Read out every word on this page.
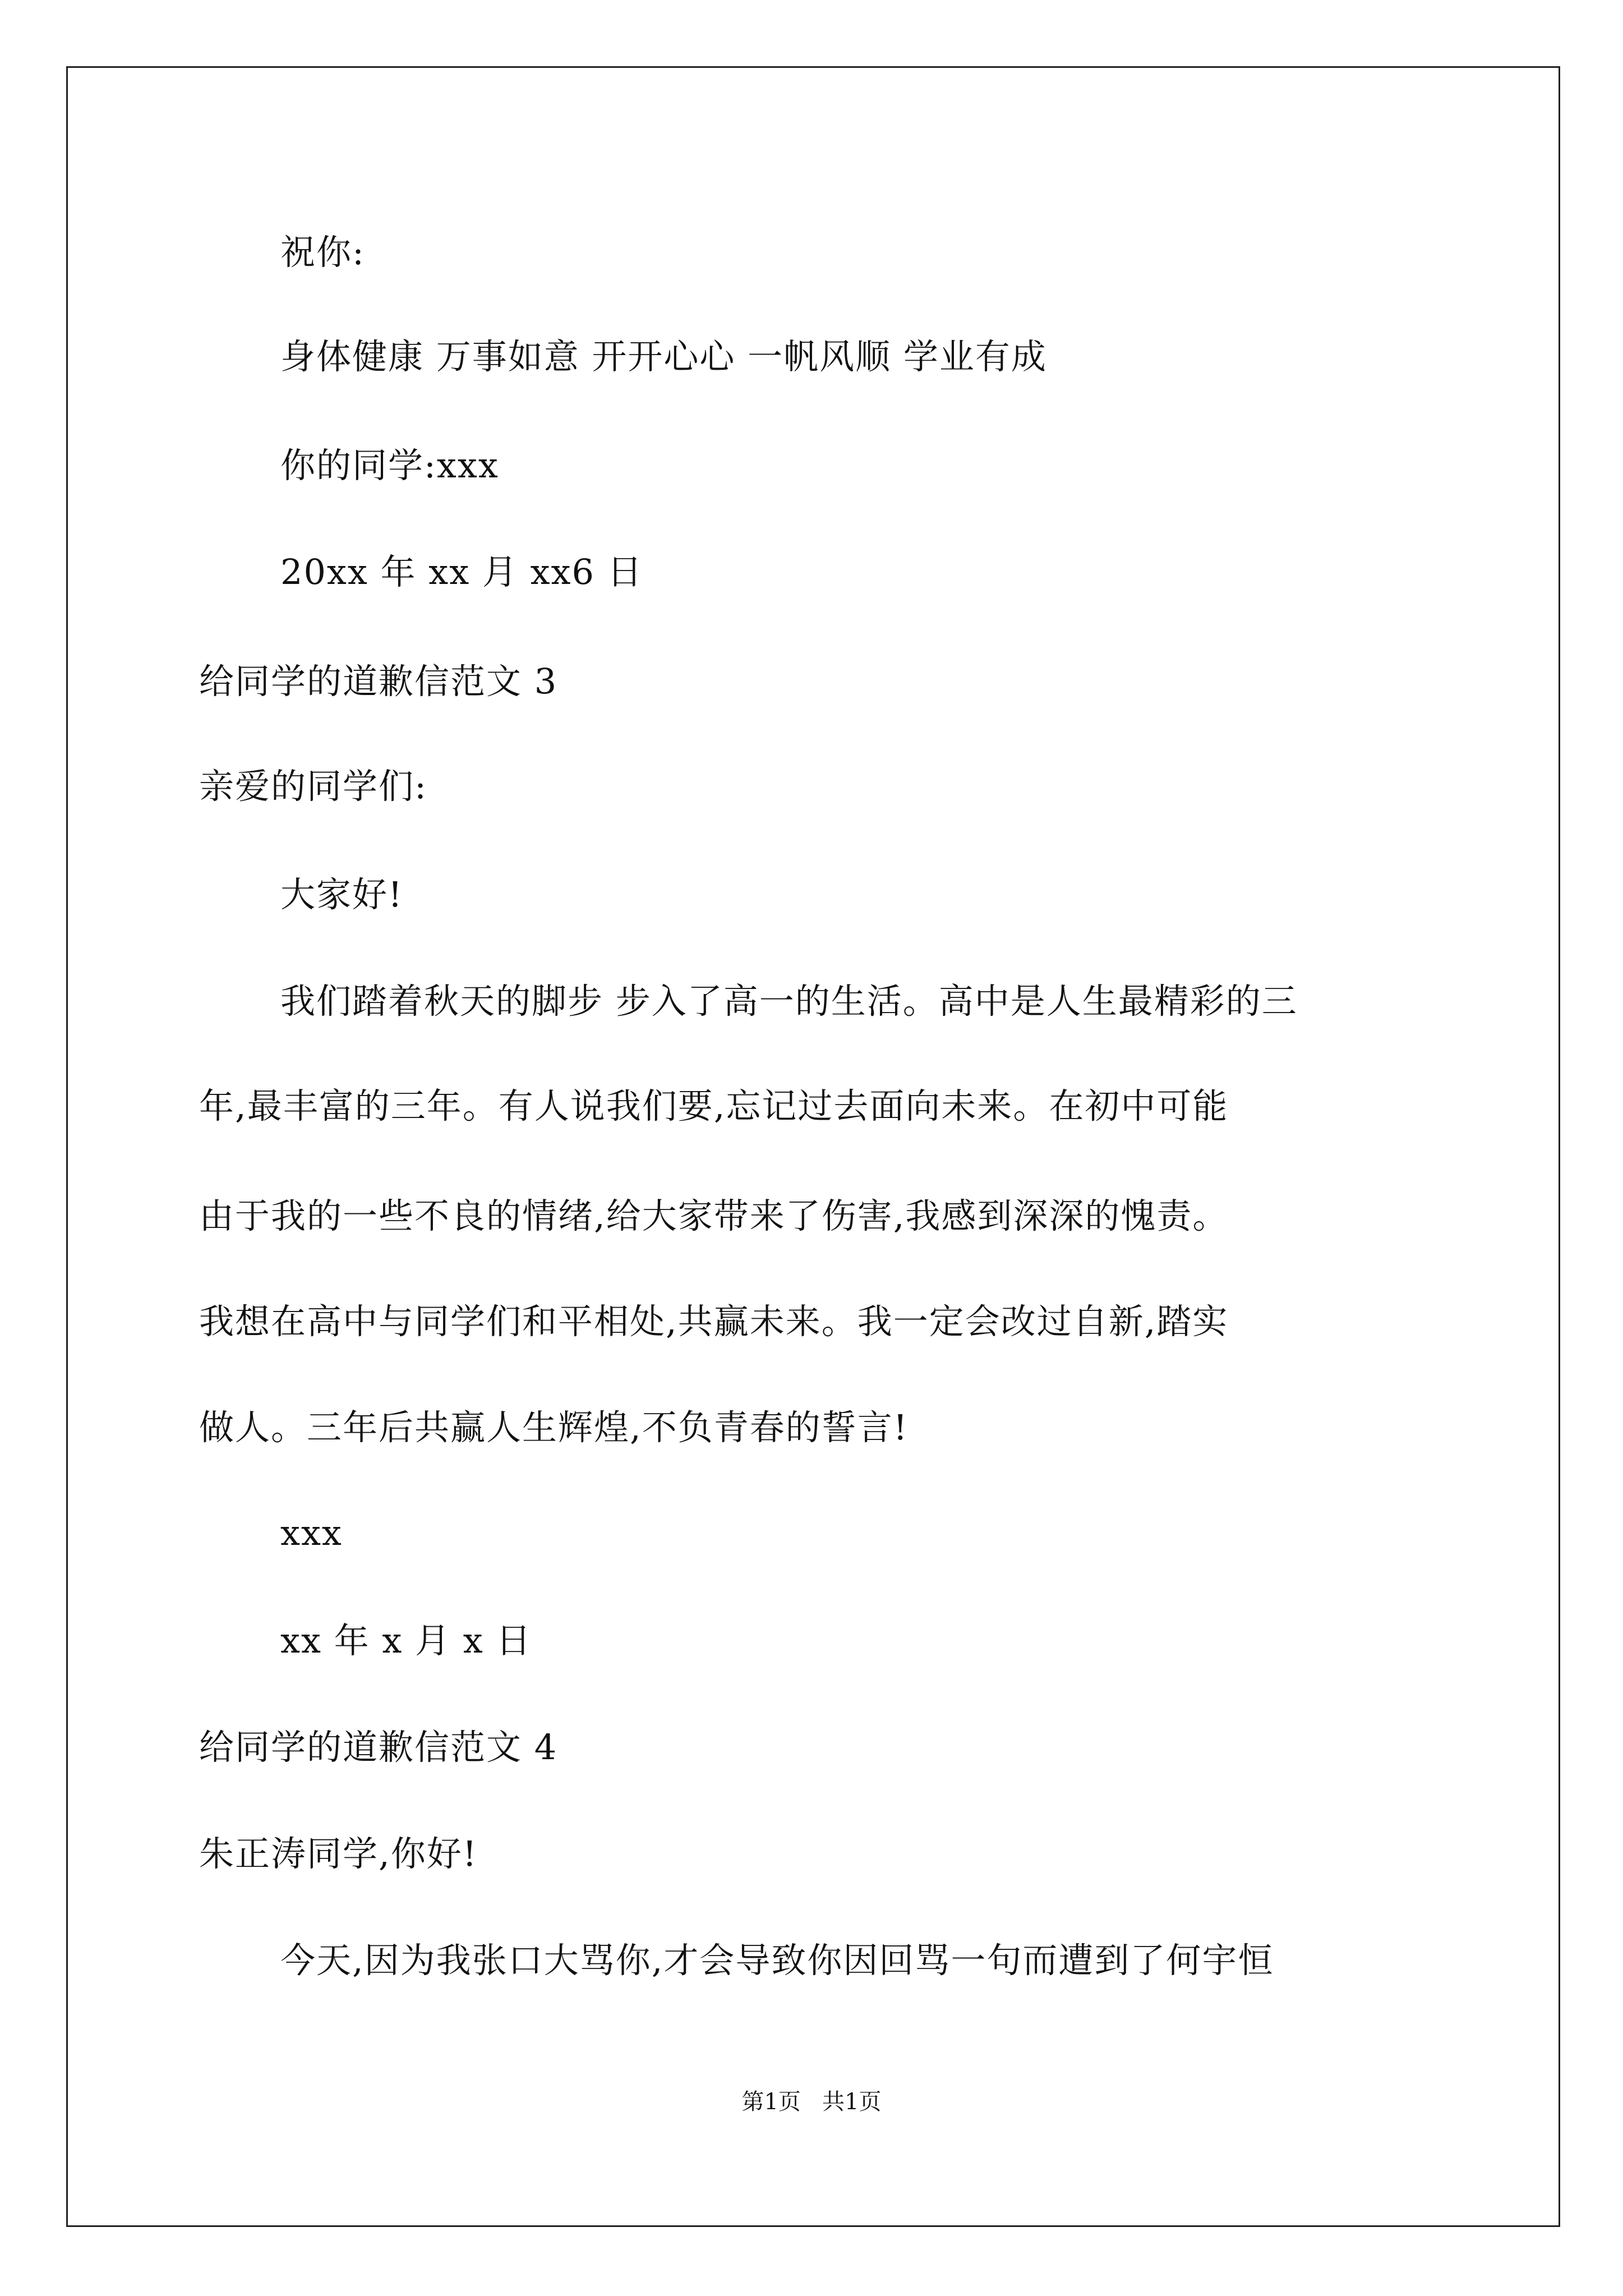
祝你:
身体健康 万事如意 开开心心 一帆风顺 学业有成
你的同学:xxx
20xx 年 xx 月 xx6 日
给同学的道歉信范文 3
亲爱的同学们:
大家好!
我们踏着秋天的脚步 步入了高一的生活。高中是人生最精彩的三
年,最丰富的三年。有人说我们要,忘记过去面向未来。在初中可能
由于我的一些不良的情绪,给大家带来了伤害,我感到深深的愧责。
我想在高中与同学们和平相处,共赢未来。我一定会改过自新,踏实
做人。三年后共赢人生辉煌,不负青春的誓言!
xxx
xx 年 x 月 x 日
给同学的道歉信范文 4
朱正涛同学,你好!
今天,因为我张口大骂你,才会导致你因回骂一句而遭到了何宇恒
第1页   共1页
